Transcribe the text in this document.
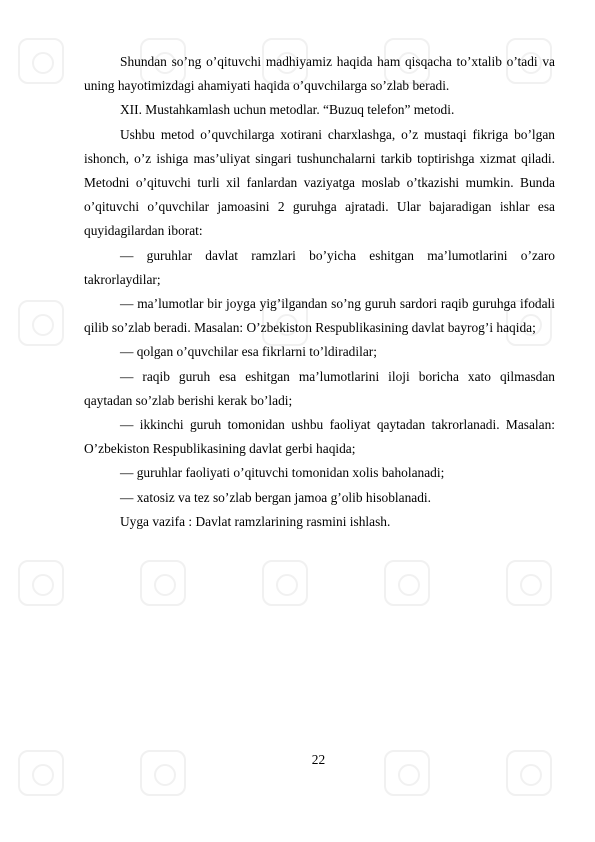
Shundan so’ng o’qituvchi madhiyamiz haqida ham qisqacha to’xtalib o’tadi va uning hayotimizdagi ahamiyati haqida o’quvchilarga so’zlab beradi.

XII. Mustahkamlash uchun metodlar. “Buzuq telefon” metodi.

Ushbu metod o’quvchilarga xotirani charxlashga, o’z mustaqi fikriga bo’lgan ishonch, o’z ishiga mas’uliyat singari tushunchalarni tarkib toptirishga xizmat qiladi. Metodni o’qituvchi turli xil fanlardan vaziyatga moslab o’tkazishi mumkin. Bunda o’qituvchi o’quvchilar jamoasini 2 guruhga ajratadi. Ular bajaradigan ishlar esa quyidagilardan iborat:

— guruhlar davlat ramzlari bo’yicha eshitgan ma’lumotlarini o’zaro takrorlaydilar;

— ma’lumotlar bir joyga yig’ilgandan so’ng guruh sardori raqib guruhga ifodali qilib so’zlab beradi. Masalan: O’zbekiston Respublikasining davlat bayrog’i haqida;

— qolgan o’quvchilar esa fikrlarni to’ldiradilar;

— raqib guruh esa eshitgan ma’lumotlarini iloji boricha xato qilmasdan qaytadan so’zlab berishi kerak bo’ladi;

— ikkinchi guruh tomonidan ushbu faoliyat qaytadan takrorlanadi. Masalan: O’zbekiston Respublikasining davlat gerbi haqida;

— guruhlar faoliyati o’qituvchi tomonidan xolis baholanadi;

— xatosiz va tez so’zlab bergan jamoa g’olib hisoblanadi.

Uyga vazifa : Davlat ramzlarining rasmini ishlash.

22
